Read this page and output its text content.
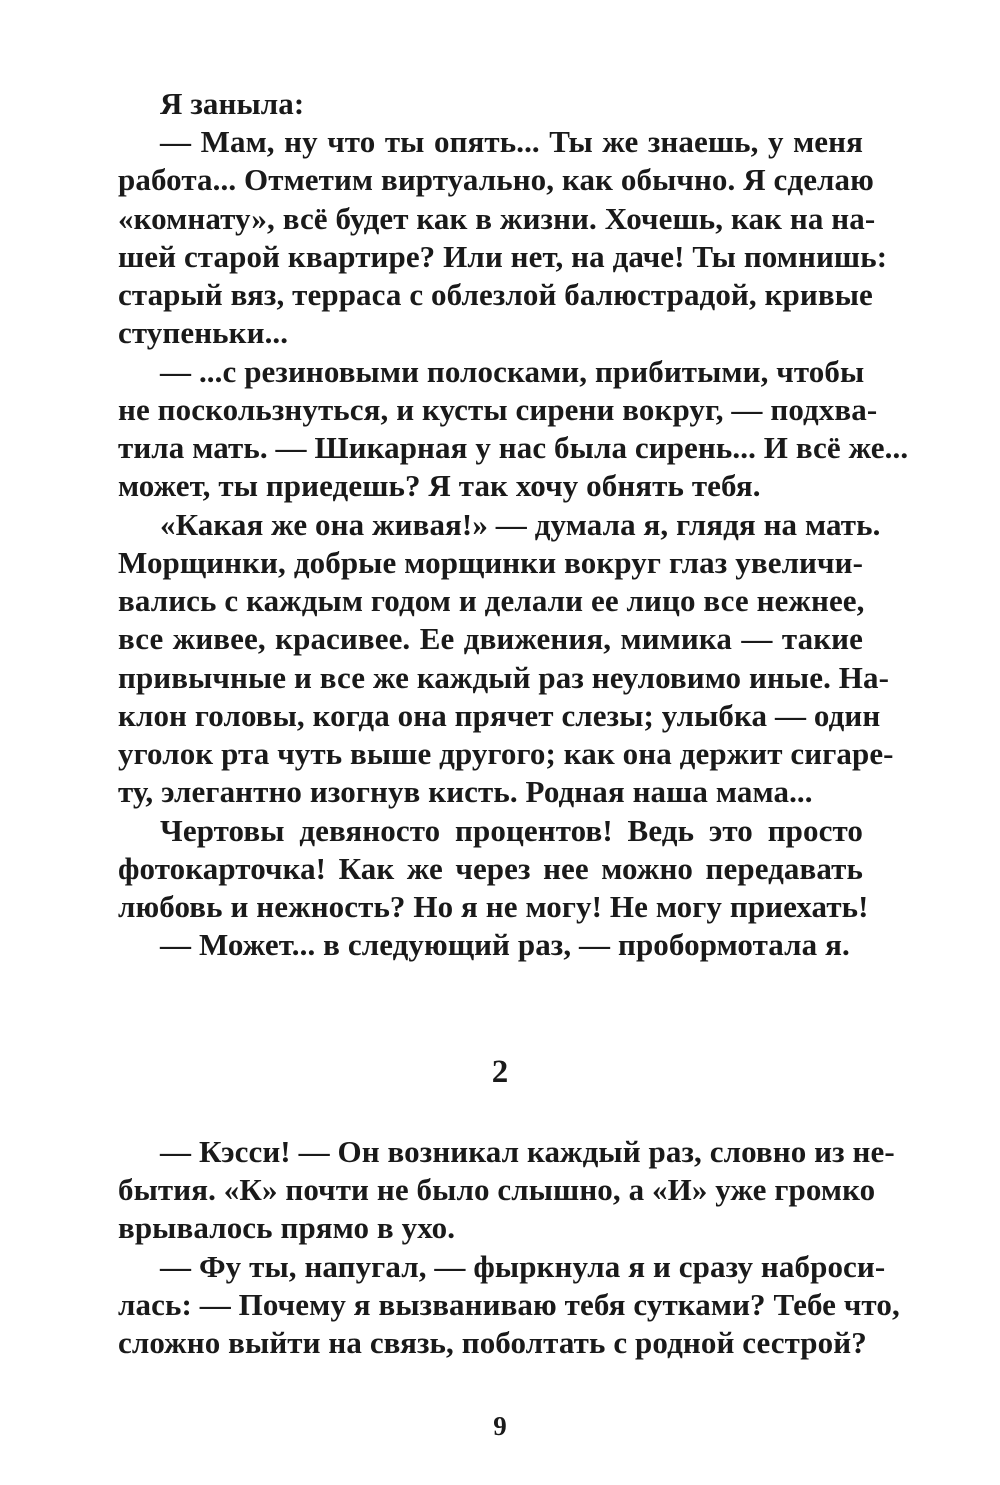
Я заныла:
— Мам, ну что ты опять... Ты же знаешь, у меня
работа... Отметим виртуально, как обычно. Я сделаю
«комнату», всё будет как в жизни. Хочешь, как на на-
шей старой квартире? Или нет, на даче! Ты помнишь:
старый вяз, терраса с облезлой балюстрадой, кривые
ступеньки...
— ...с резиновыми полосками, прибитыми, чтобы
не поскользнуться, и кусты сирени вокруг, — подхва-
тила мать. — Шикарная у нас была сирень... И всё же...
может, ты приедешь? Я так хочу обнять тебя.
«Какая же она живая!» — думала я, глядя на мать.
Морщинки, добрые морщинки вокруг глаз увеличи-
вались с каждым годом и делали ее лицо все нежнее,
все живее, красивее. Ее движения, мимика — такие
привычные и все же каждый раз неуловимо иные. На-
клон головы, когда она прячет слезы; улыбка — один
уголок рта чуть выше другого; как она держит сигаре-
ту, элегантно изогнув кисть. Родная наша мама...
Чертовы девяносто процентов! Ведь это просто
фотокарточка! Как же через нее можно передавать
любовь и нежность? Но я не могу! Не могу приехать!
— Может... в следующий раз, — пробормотала я.
2
— Кэсси! — Он возникал каждый раз, словно из не-
бытия. «К» почти не было слышно, а «И» уже громко
врывалось прямо в ухо.
— Фу ты, напугал, — фыркнула я и сразу наброси-
лась: — Почему я вызваниваю тебя сутками? Тебе что,
сложно выйти на связь, поболтать с родной сестрой?
9
